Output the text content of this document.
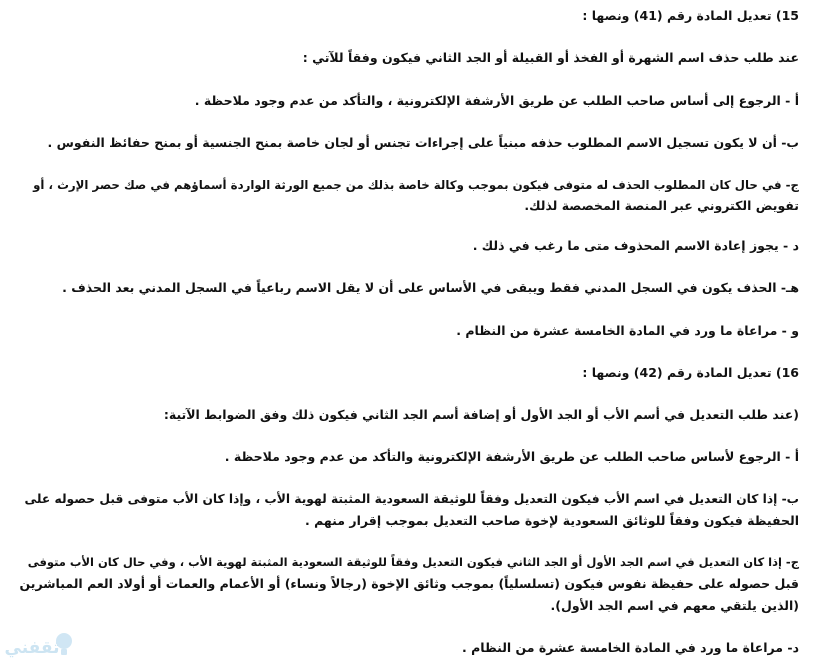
15) تعديل المادة رقم (41) ونصها :
عند طلب حذف اسم الشهرة أو الفخذ أو القبيلة أو الجد الثاني فيكون وفقاً للآتي :
أ - الرجوع إلى أساس صاحب الطلب عن طريق الأرشفة الإلكترونية ، والتأكد من عدم وجود ملاحظة .
ب- أن لا يكون تسجيل الاسم المطلوب حذفه مبنياً على إجراءات تجنس أو لجان خاصة بمنح الجنسية أو بمنح حفائظ النفوس .
ج- في حال كان المطلوب الحذف له متوفى فيكون بموجب وكالة خاصة بذلك من جميع الورثة الواردة أسماؤهم في صك حصر الإرث ، أو
تفويض الكتروني عبر المنصة المخصصة لذلك.
د - يجوز إعادة الاسم المحذوف متى ما رغب في ذلك .
هـ- الحذف يكون في السجل المدني فقط ويبقى في الأساس على أن لا يقل الاسم رباعياً في السجل المدني بعد الحذف .
و - مراعاة ما ورد في المادة الخامسة عشرة من النظام .
16) تعديل المادة رقم (42) ونصها :
(عند طلب التعديل في أسم الأب أو الجد الأول أو إضافة أسم الجد الثاني فيكون ذلك وفق الضوابط الآتية:
أ - الرجوع لأساس صاحب الطلب عن طريق الأرشفة الإلكترونية والتأكد من عدم وجود ملاحظة .
ب- إذا كان التعديل في اسم الأب فيكون التعديل وفقاً للوثيقة السعودية المثبتة لهوية الأب ، وإذا كان الأب متوفى قبل حصوله على
الحفيظة فيكون وفقاً للوثائق السعودية لإخوة صاحب التعديل بموجب إقرار منهم .
ج- إذا كان التعديل في اسم الجد الأول أو الجد الثاني فيكون التعديل وفقاً للوثيقة السعودية المثبتة لهوية الأب ، وفي حال كان الأب متوفى
قبل حصوله على حفيظة نفوس فيكون (تسلسلياً) بموجب وثائق الإخوة (رجالاً ونساء) أو الأعمام والعمات أو أولاد العم المباشرين
(الذين يلتقي معهم في اسم الجد الأول).
د- مراعاة ما ورد في المادة الخامسة عشرة من النظام .
ثقفني
